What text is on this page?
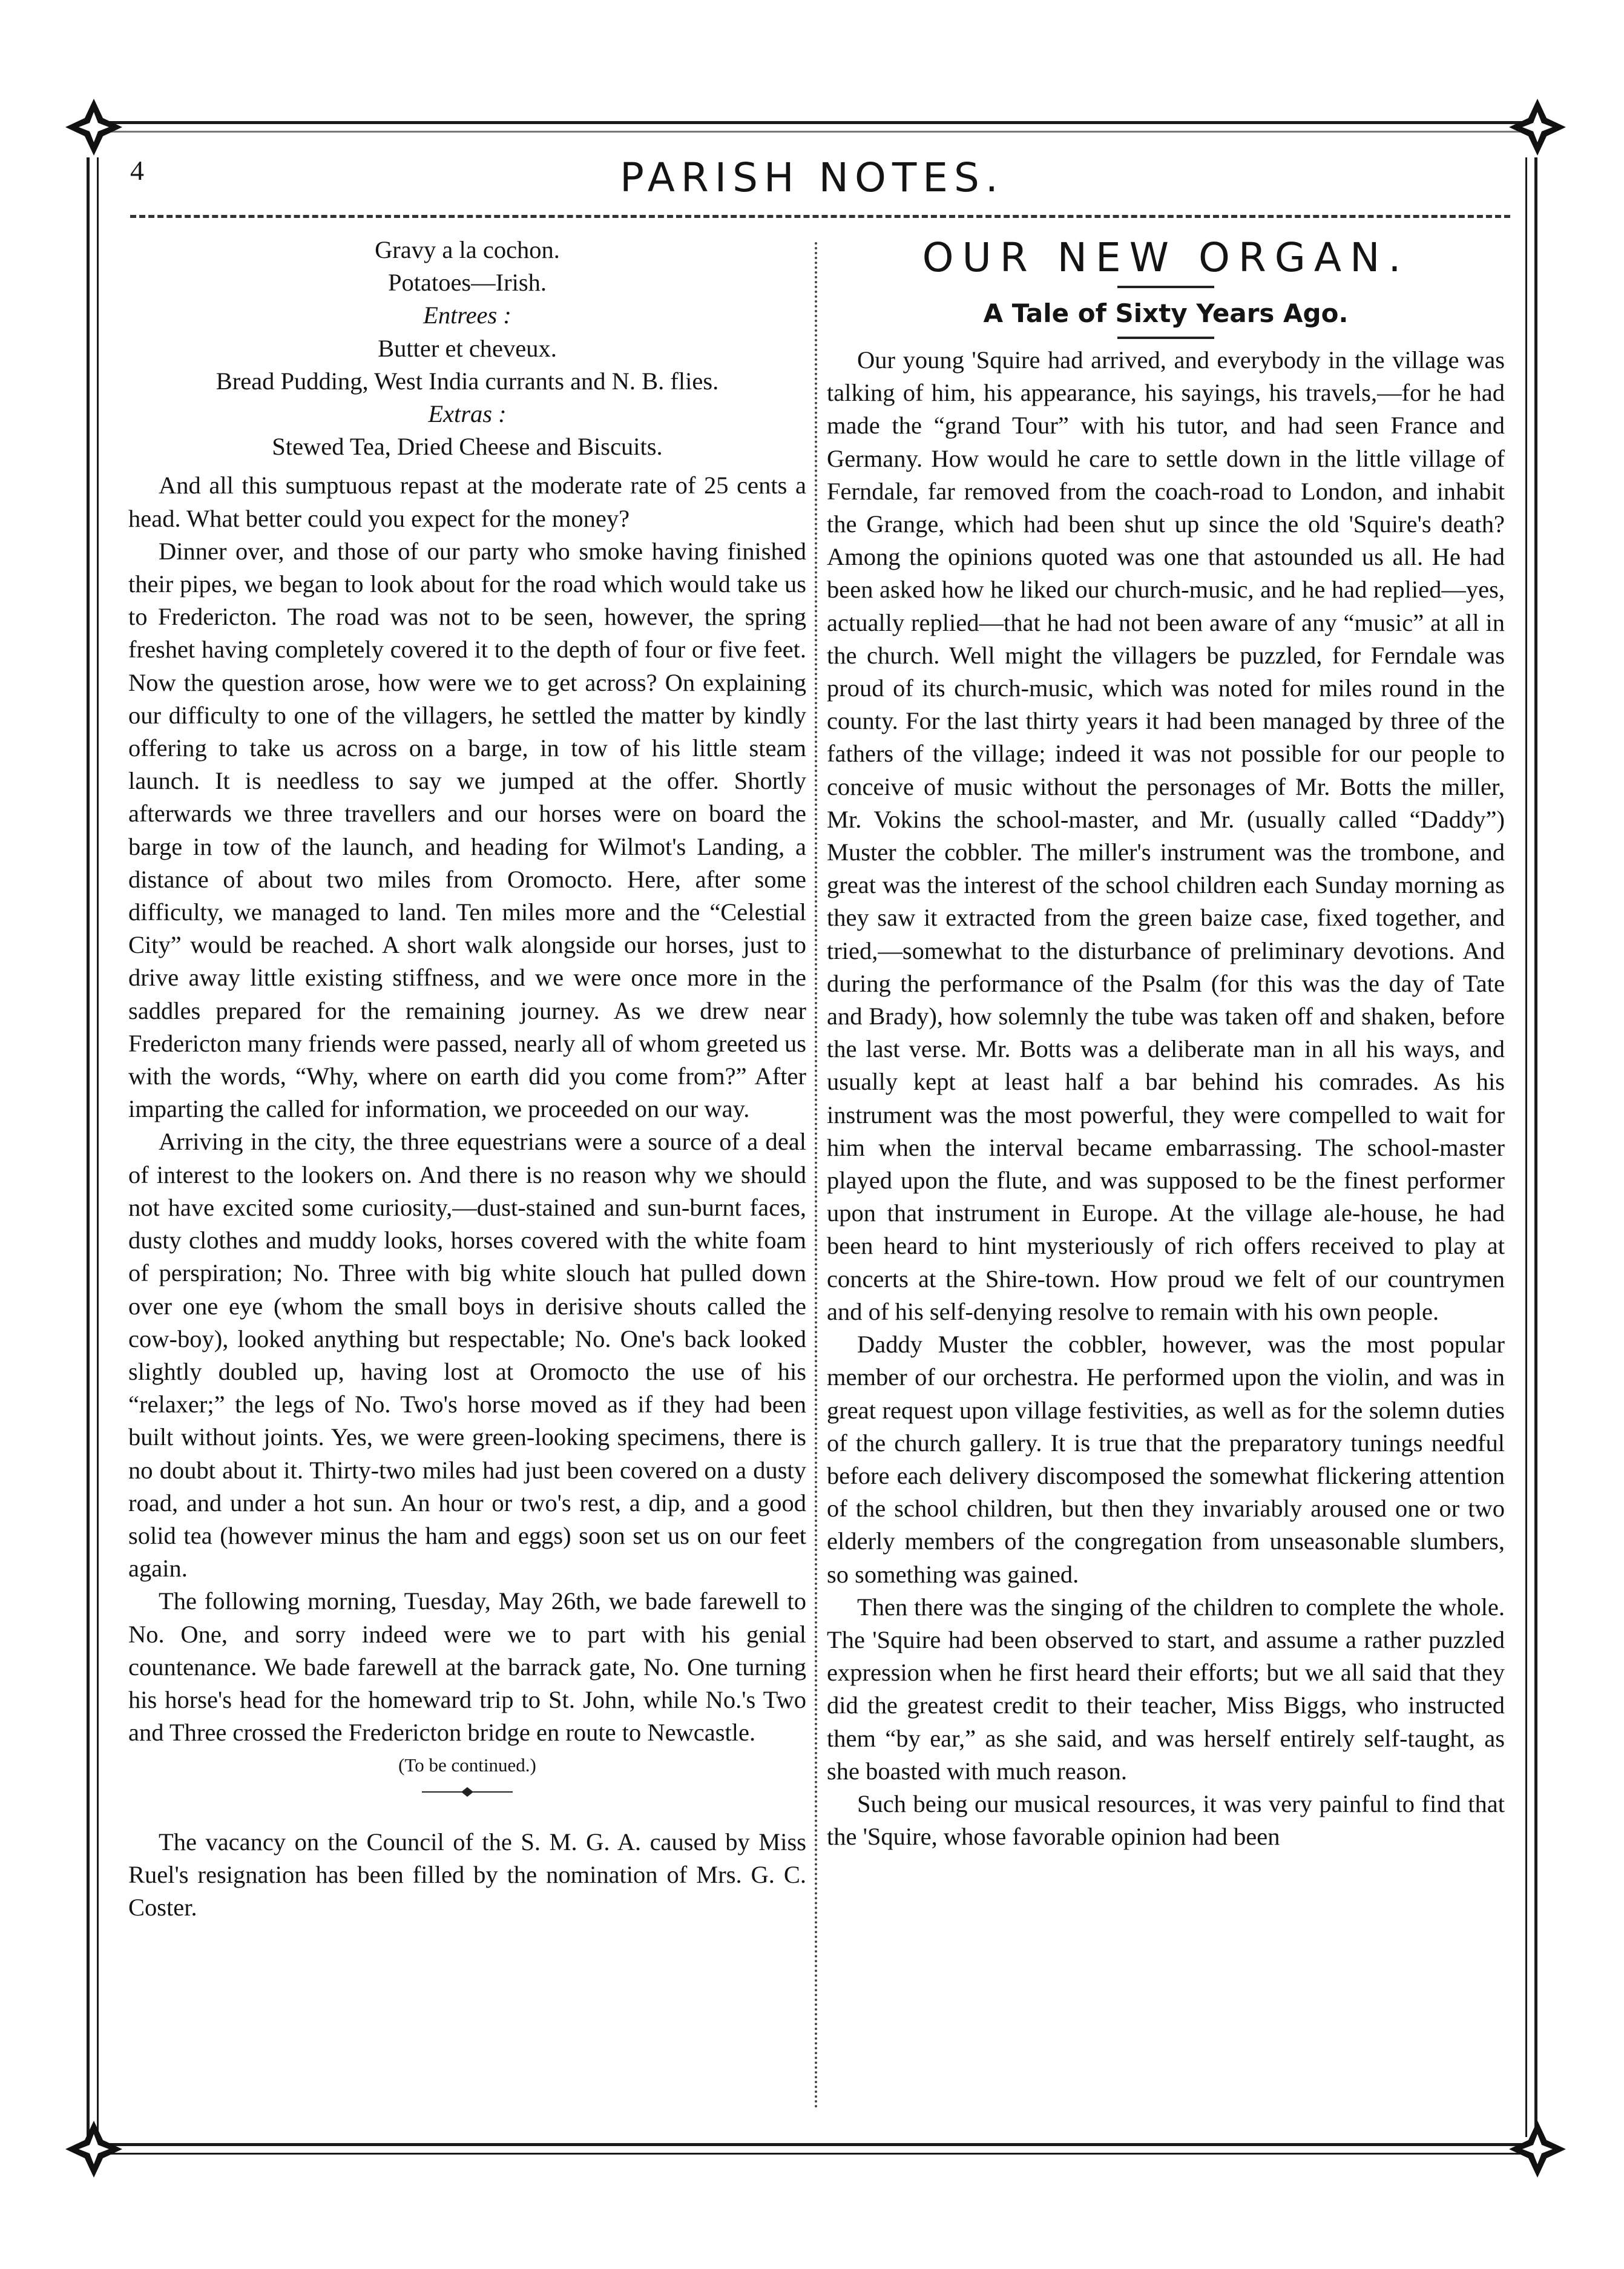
4	PARISH NOTES.

Gravy a la cochon.

Potatoes—Irish.

Entrees :

Butter et cheveux.

Bread Pudding, West India currants and N. B. flies.

Extras :

Stewed Tea, Dried Cheese and Biscuits.

And all this sumptuous repast at the moderate rate of 25 cents a head. What better could you expect for the money?

Dinner over, and those of our party who smoke having finished their pipes, we began to look about for the road which would take us to Fredericton. The road was not to be seen, however, the spring freshet having completely covered it to the depth of four or five feet. Now the question arose, how were we to get across? On explaining our difficulty to one of the villagers, he settled the matter by kindly offering to take us across on a barge, in tow of his little steam launch. It is needless to say we jumped at the offer. Shortly afterwards we three travellers and our horses were on board the barge in tow of the launch, and heading for Wilmot's Landing, a distance of about two miles from Oromocto. Here, after some difficulty, we managed to land. Ten miles more and the “Celestial City” would be reached. A short walk alongside our horses, just to drive away little existing stiffness, and we were once more in the saddles prepared for the remaining journey. As we drew near Fredericton many friends were passed, nearly all of whom greeted us with the words, “Why, where on earth did you come from?” After imparting the called for information, we proceeded on our way.

Arriving in the city, the three equestrians were a source of a deal of interest to the lookers on. And there is no reason why we should not have excited some curiosity,—dust-stained and sun-burnt faces, dusty clothes and muddy looks, horses covered with the white foam of perspiration; No. Three with big white slouch hat pulled down over one eye (whom the small boys in derisive shouts called the cow-boy), looked anything but respectable; No. One's back looked slightly doubled up, having lost at Oromocto the use of his “relaxer;” the legs of No. Two's horse moved as if they had been built without joints. Yes, we were green-looking specimens, there is no doubt about it. Thirty-two miles had just been covered on a dusty road, and under a hot sun. An hour or two's rest, a dip, and a good solid tea (however minus the ham and eggs) soon set us on our feet again.

The following morning, Tuesday, May 26th, we bade farewell to No. One, and sorry indeed were we to part with his genial countenance. We bade farewell at the barrack gate, No. One turning his horse's head for the homeward trip to St. John, while No.'s Two and Three crossed the Fredericton bridge en route to Newcastle.

(To be continued.)

The vacancy on the Council of the S. M. G. A. caused by Miss Ruel's resignation has been filled by the nomination of Mrs. G. C. Coster.

OUR NEW ORGAN.
A Tale of Sixty Years Ago.

Our young 'Squire had arrived, and everybody in the village was talking of him, his appearance, his sayings, his travels,—for he had made the “grand Tour” with his tutor, and had seen France and Germany. How would he care to settle down in the little village of Ferndale, far removed from the coach-road to London, and inhabit the Grange, which had been shut up since the old 'Squire's death? Among the opinions quoted was one that astounded us all. He had been asked how he liked our church-music, and he had replied—yes, actually replied—that he had not been aware of any “music” at all in the church. Well might the villagers be puzzled, for Ferndale was proud of its church-music, which was noted for miles round in the county. For the last thirty years it had been managed by three of the fathers of the village; indeed it was not possible for our people to conceive of music without the personages of Mr. Botts the miller, Mr. Vokins the school-master, and Mr. (usually called “Daddy”) Muster the cobbler. The miller's instrument was the trombone, and great was the interest of the school children each Sunday morning as they saw it extracted from the green baize case, fixed together, and tried,—somewhat to the disturbance of preliminary devotions. And during the performance of the Psalm (for this was the day of Tate and Brady), how solemnly the tube was taken off and shaken, before the last verse. Mr. Botts was a deliberate man in all his ways, and usually kept at least half a bar behind his comrades. As his instrument was the most powerful, they were compelled to wait for him when the interval became embarrassing. The school-master played upon the flute, and was supposed to be the finest performer upon that instrument in Europe. At the village ale-house, he had been heard to hint mysteriously of rich offers received to play at concerts at the Shire-town. How proud we felt of our countrymen and of his self-denying resolve to remain with his own people.

Daddy Muster the cobbler, however, was the most popular member of our orchestra. He performed upon the violin, and was in great request upon village festivities, as well as for the solemn duties of the church gallery. It is true that the preparatory tunings needful before each delivery discomposed the somewhat flickering attention of the school children, but then they invariably aroused one or two elderly members of the congregation from unseasonable slumbers, so something was gained.

Then there was the singing of the children to complete the whole. The 'Squire had been observed to start, and assume a rather puzzled expression when he first heard their efforts; but we all said that they did the greatest credit to their teacher, Miss Biggs, who instructed them “by ear,” as she said, and was herself entirely self-taught, as she boasted with much reason.

Such being our musical resources, it was very painful to find that the 'Squire, whose favorable opinion had been
